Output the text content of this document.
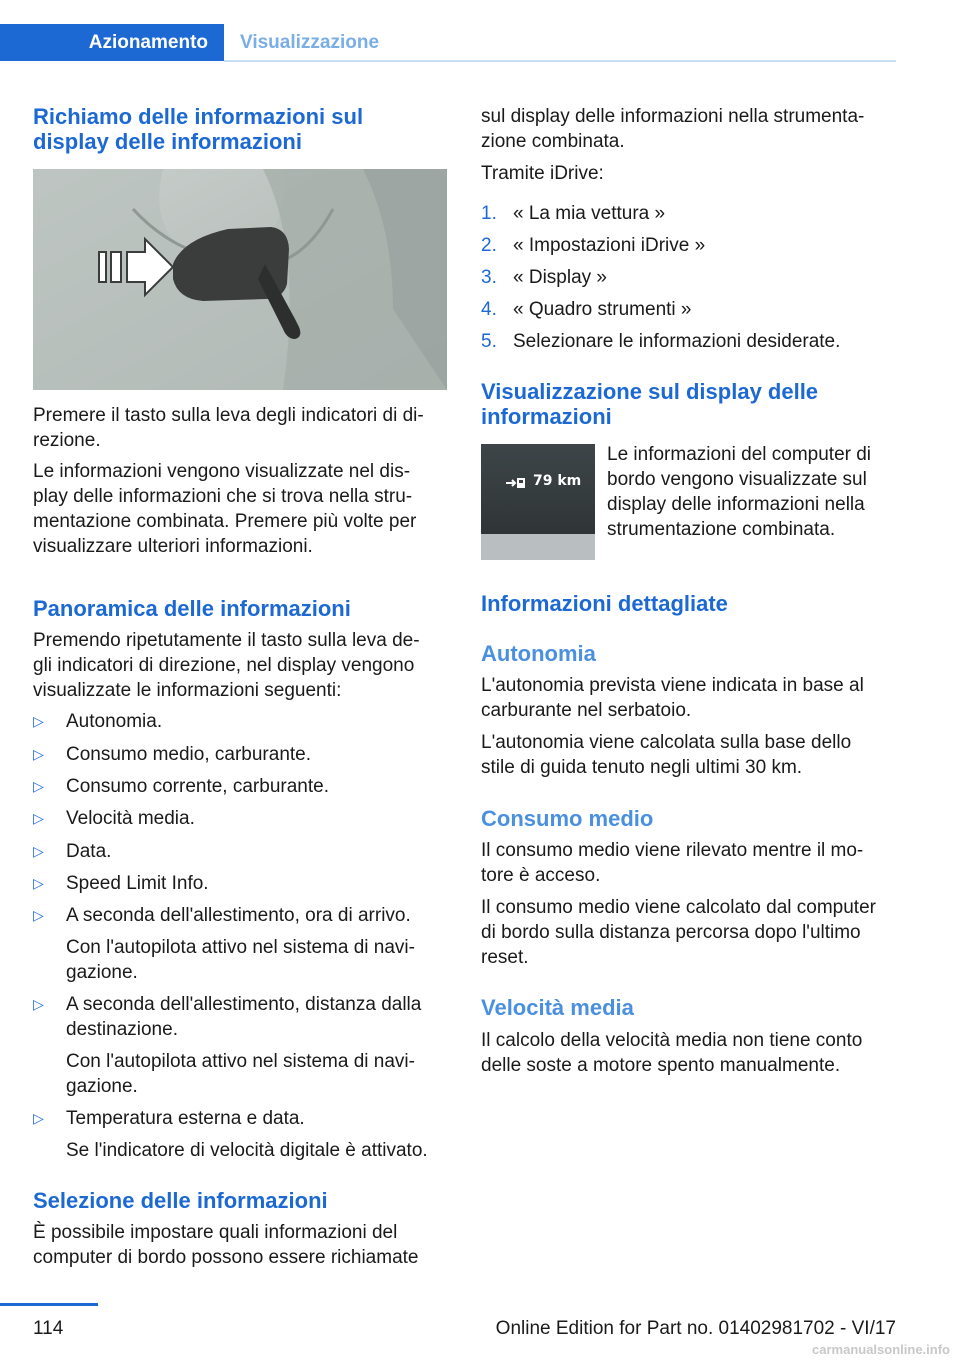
Azionamento	Visualizzazione
Richiamo delle informazioni sul
display delle informazioni

Premere il tasto sulla leva degli indicatori di di‐
rezione.

Le informazioni vengono visualizzate nel dis‐
play delle informazioni che si trova nella stru‐
mentazione combinata. Premere più volte per
visualizzare ulteriori informazioni.

Panoramica delle informazioni

Premendo ripetutamente il tasto sulla leva de‐
gli indicatori di direzione, nel display vengono
visualizzate le informazioni seguenti:

▷ Autonomia.
▷ Consumo medio, carburante.
▷ Consumo corrente, carburante.
▷ Velocità media.
▷ Data.
▷ Speed Limit Info.
▷ A seconda dell'allestimento, ora di arrivo.

Con l'autopilota attivo nel sistema di navi‐
gazione.

▷ A seconda dell'allestimento, distanza dalla

destinazione.

Con l'autopilota attivo nel sistema di navi‐
gazione.

▷ Temperatura esterna e data.

Se l'indicatore di velocità digitale è attivato.

Selezione delle informazioni

È possibile impostare quali informazioni del
computer di bordo possono essere richiamate

sul display delle informazioni nella strumenta‐
zione combinata.

Tramite iDrive:

1. « La mia vettura »
2. « Impostazioni iDrive »
3. « Display »
4. « Quadro strumenti »
5. Selezionare le informazioni desiderate.
Visualizzazione sul display delle
informazioni
79 km

Le informazioni del computer di
bordo vengono visualizzate sul
display delle informazioni nella
strumentazione combinata.

Informazioni dettagliate
Autonomia

L'autonomia prevista viene indicata in base al
carburante nel serbatoio.

L'autonomia viene calcolata sulla base dello
stile di guida tenuto negli ultimi 30 km.

Consumo medio

Il consumo medio viene rilevato mentre il mo‐
tore è acceso.

Il consumo medio viene calcolato dal computer
di bordo sulla distanza percorsa dopo l'ultimo
reset.

Velocità media

Il calcolo della velocità media non tiene conto
delle soste a motore spento manualmente.

114	Online Edition for Part no. 01402981702 - VI/17
carmanualsonline.info
